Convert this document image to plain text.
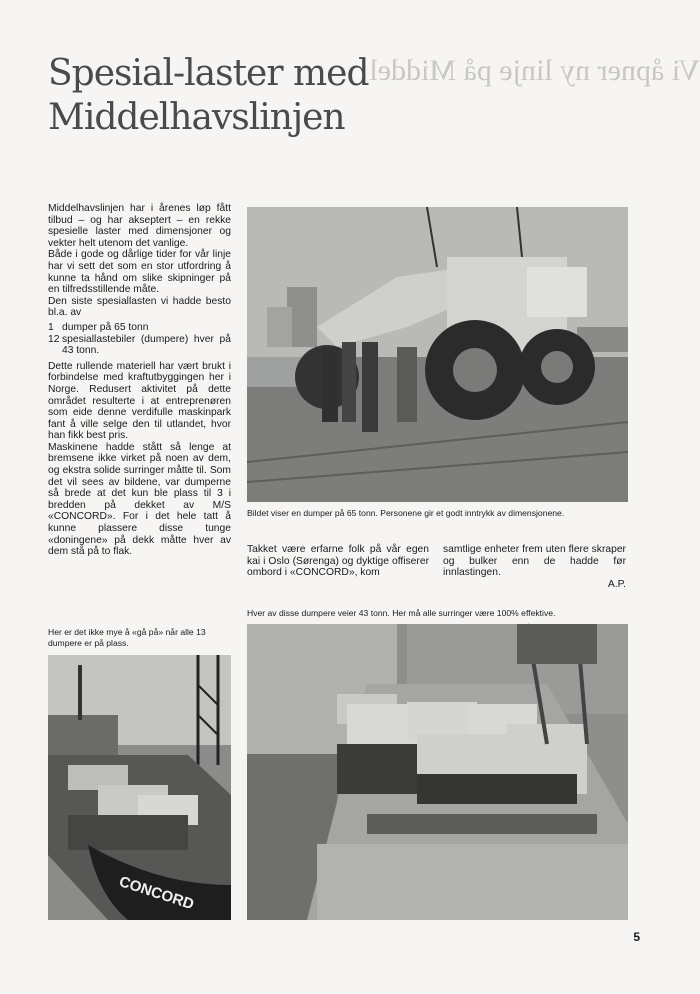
Vi åpner ny linje på Middel
Spesial-laster med
Middelhavslinjen

Middelhavslinjen har i årenes løp fått tilbud – og har akseptert – en rekke spesielle laster med dimensjoner og vekter helt utenom det vanlige.

Både i gode og dårlige tider for vår linje har vi sett det som en stor utfordring å kunne ta hånd om slike skipninger på en tilfredsstillende måte.

Den siste spesiallasten vi hadde besto bl.a. av

1 dumper på 65 tonn
12 spesiallastebiler (dumpere) hver på 43 tonn.

Dette rullende materiell har vært brukt i forbindelse med kraftutbyggingen her i Norge. Redusert aktivitet på dette området resulterte i at entreprenøren som eide denne verdifulle maskinpark fant å ville selge den til utlandet, hvor han fikk best pris.

Maskinene hadde stått så lenge at bremsene ikke virket på noen av dem, og ekstra solide surringer måtte til. Som det vil sees av bildene, var dumperne så brede at det kun ble plass til 3 i bredden på dekket av M/S «CONCORD». For i det hele tatt å kunne plassere disse tunge «doningene» på dekk måtte hver av dem stå på to flak.

Bildet viser en dumper på 65 tonn. Personene gir et godt inntrykk av dimensjonene.

Takket være erfarne folk på vår egen kai i Oslo (Sørenga) og dyktige offiserer ombord i «CONCORD», kom

samtlige enheter frem uten flere skraper og bulker enn de hadde før innlastingen.

A.P.

Hver av disse dumpere veier 43 tonn. Her må alle surringer være 100% effektive.
Her er det ikke mye å «gå på» når alle 13 dumpere er på plass.
CONCORD
5
